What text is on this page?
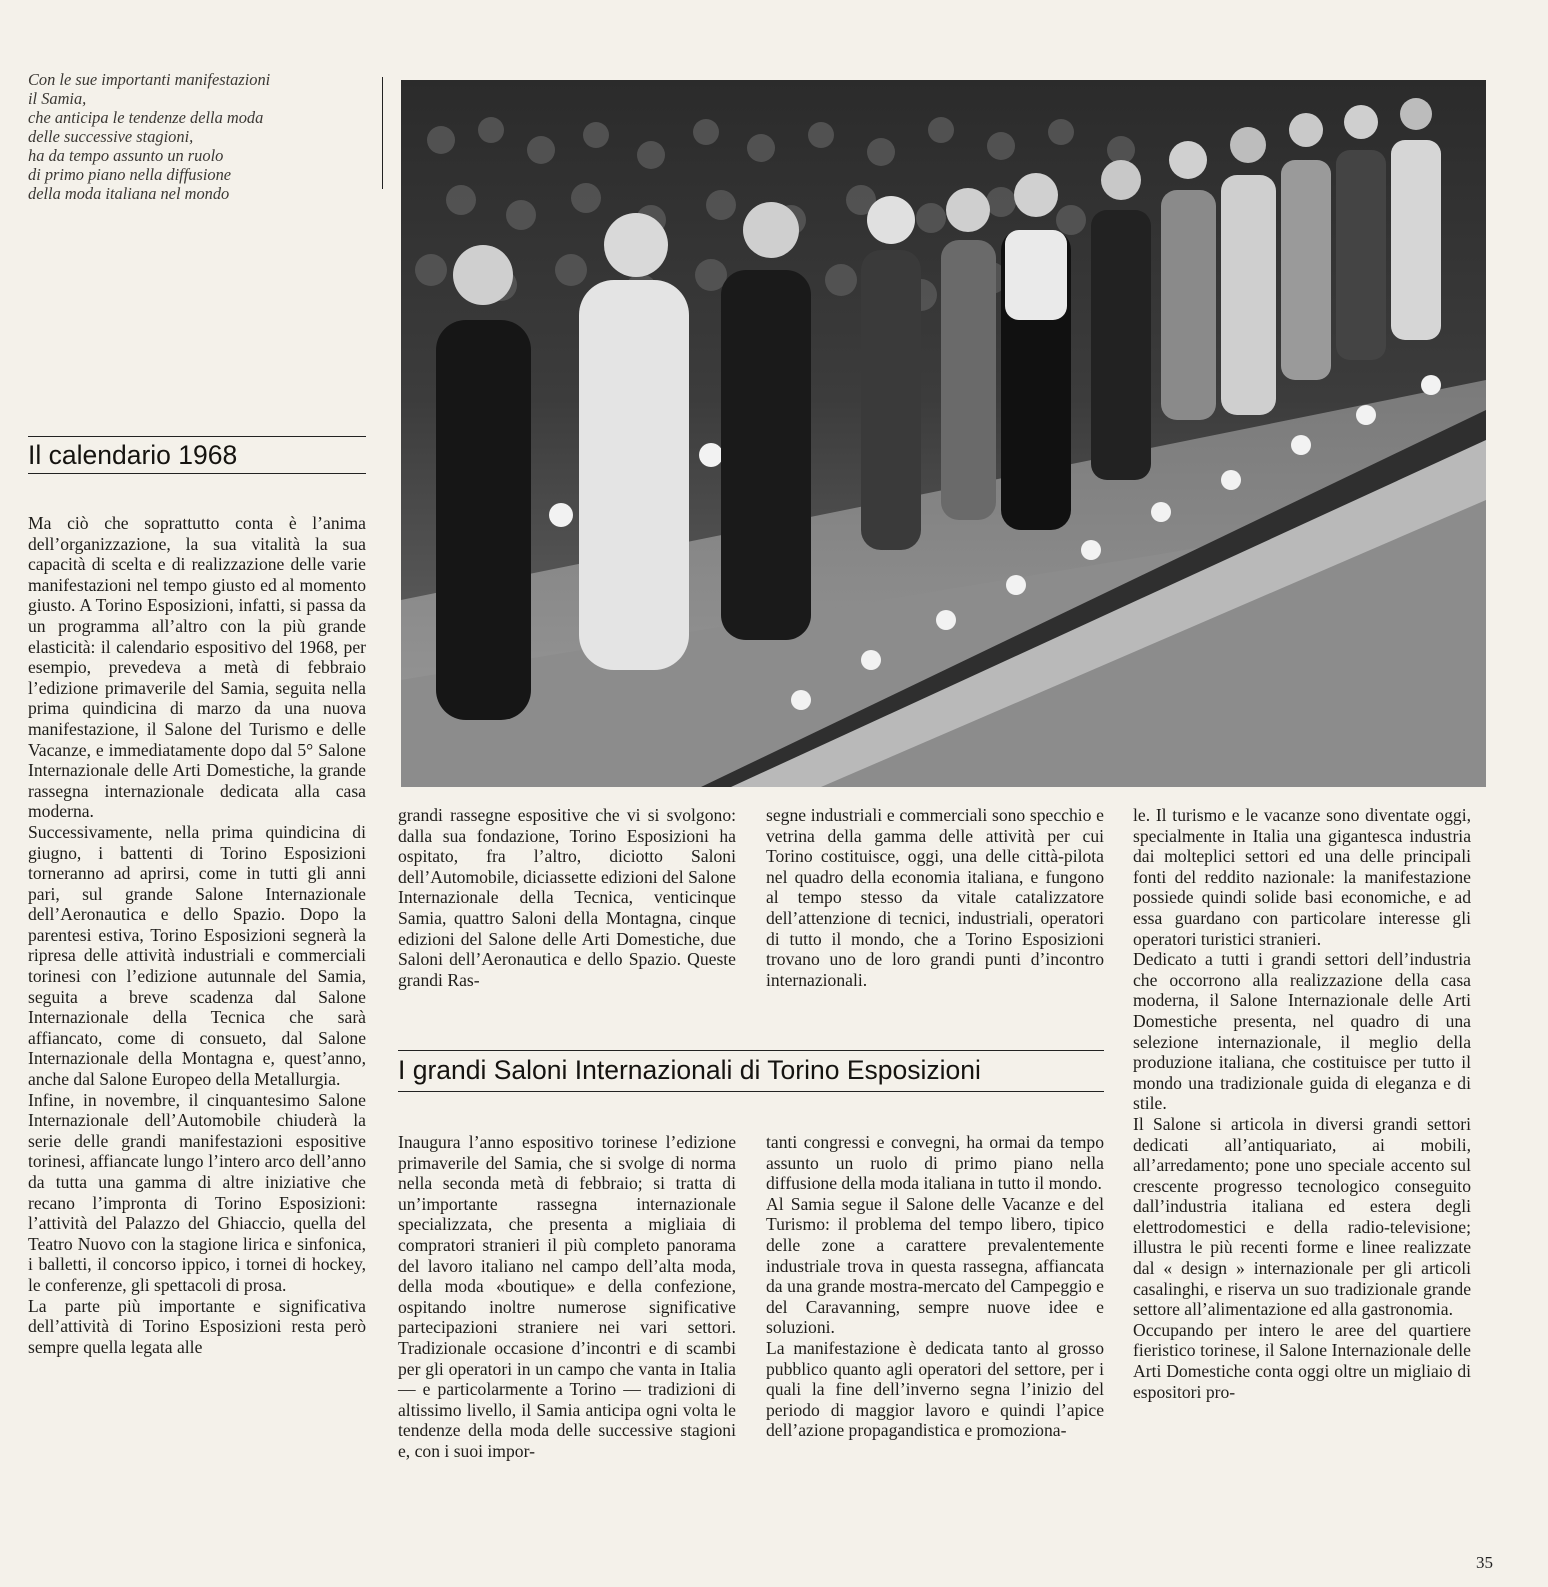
Con le sue importanti manifestazioni
il Samia,
che anticipa le tendenze della moda
delle successive stagioni,
ha da tempo assunto un ruolo
di primo piano nella diffusione
della moda italiana nel mondo
Il calendario 1968

Ma ciò che soprattutto conta è l’anima dell’organizzazione, la sua vitalità la sua capacità di scelta e di realizzazione delle varie manifestazioni nel tempo giusto ed al momento giusto. A Torino Esposizioni, infatti, si passa da un programma all’altro con la più grande elasticità: il calendario espositivo del 1968, per esempio, prevedeva a metà di febbraio l’edizione primaverile del Samia, seguita nella prima quindicina di marzo da una nuova manifestazione, il Salone del Turismo e delle Vacanze, e immediatamente dopo dal 5° Salone Internazionale delle Arti Domestiche, la grande rassegna internazionale dedicata alla casa moderna.

Successivamente, nella prima quindicina di giugno, i battenti di Torino Esposizioni torneranno ad aprirsi, come in tutti gli anni pari, sul grande Salone Internazionale dell’Aeronautica e dello Spazio. Dopo la parentesi estiva, Torino Esposizioni segnerà la ripresa delle attività industriali e commerciali torinesi con l’edizione autunnale del Samia, seguita a breve scadenza dal Salone Internazionale della Tecnica che sarà affiancato, come di consueto, dal Salone Internazionale della Montagna e, quest’anno, anche dal Salone Europeo della Metallurgia.

Infine, in novembre, il cinquantesimo Salone Internazionale dell’Automobile chiuderà la serie delle grandi manifestazioni espositive torinesi, affiancate lungo l’intero arco dell’anno da tutta una gamma di altre iniziative che recano l’impronta di Torino Esposizioni: l’attività del Palazzo del Ghiaccio, quella del Teatro Nuovo con la stagione lirica e sinfonica, i balletti, il concorso ippico, i tornei di hockey, le conferenze, gli spettacoli di prosa.

La parte più importante e significativa dell’attività di Torino Esposizioni resta però sempre quella legata alle

grandi rassegne espositive che vi si svolgono: dalla sua fondazione, Torino Esposizioni ha ospitato, fra l’altro, diciotto Saloni dell’Automobile, diciassette edizioni del Salone Internazionale della Tecnica, venticinque Samia, quattro Saloni della Montagna, cinque edizioni del Salone delle Arti Domestiche, due Saloni dell’Aeronautica e dello Spazio. Queste grandi Ras-

segne industriali e commerciali sono specchio e vetrina della gamma delle attività per cui Torino costituisce, oggi, una delle città-pilota nel quadro della economia italiana, e fungono al tempo stesso da vitale catalizzatore dell’attenzione di tecnici, industriali, operatori di tutto il mondo, che a Torino Esposizioni trovano uno de loro grandi punti d’incontro internazionali.

I grandi Saloni Internazionali di Torino Esposizioni

Inaugura l’anno espositivo torinese l’edizione primaverile del Samia, che si svolge di norma nella seconda metà di febbraio; si tratta di un’importante rassegna internazionale specializzata, che presenta a migliaia di compratori stranieri il più completo panorama del lavoro italiano nel campo dell’alta moda, della moda «boutique» e della confezione, ospitando inoltre numerose significative partecipazioni straniere nei vari settori. Tradizionale occasione d’incontri e di scambi per gli operatori in un campo che vanta in Italia — e particolarmente a Torino — tradizioni di altissimo livello, il Samia anticipa ogni volta le tendenze della moda delle successive stagioni e, con i suoi impor-

tanti congressi e convegni, ha ormai da tempo assunto un ruolo di primo piano nella diffusione della moda italiana in tutto il mondo.

Al Samia segue il Salone delle Vacanze e del Turismo: il problema del tempo libero, tipico delle zone a carattere prevalentemente industriale trova in questa rassegna, affiancata da una grande mostra-mercato del Campeggio e del Caravanning, sempre nuove idee e soluzioni.

La manifestazione è dedicata tanto al grosso pubblico quanto agli operatori del settore, per i quali la fine dell’inverno segna l’inizio del periodo di maggior lavoro e quindi l’apice dell’azione propagandistica e promoziona-

le. Il turismo e le vacanze sono diventate oggi, specialmente in Italia una gigantesca industria dai molteplici settori ed una delle principali fonti del reddito nazionale: la manifestazione possiede quindi solide basi economiche, e ad essa guardano con particolare interesse gli operatori turistici stranieri.

Dedicato a tutti i grandi settori dell’industria che occorrono alla realizzazione della casa moderna, il Salone Internazionale delle Arti Domestiche presenta, nel quadro di una selezione internazionale, il meglio della produzione italiana, che costituisce per tutto il mondo una tradizionale guida di eleganza e di stile.

Il Salone si articola in diversi grandi settori dedicati all’antiquariato, ai mobili, all’arredamento; pone uno speciale accento sul crescente progresso tecnologico conseguito dall’industria italiana ed estera degli elettrodomestici e della radio-televisione; illustra le più recenti forme e linee realizzate dal « design » internazionale per gli articoli casalinghi, e riserva un suo tradizionale grande settore all’alimentazione ed alla gastronomia.

Occupando per intero le aree del quartiere fieristico torinese, il Salone Internazionale delle Arti Domestiche conta oggi oltre un migliaio di espositori pro-

35
